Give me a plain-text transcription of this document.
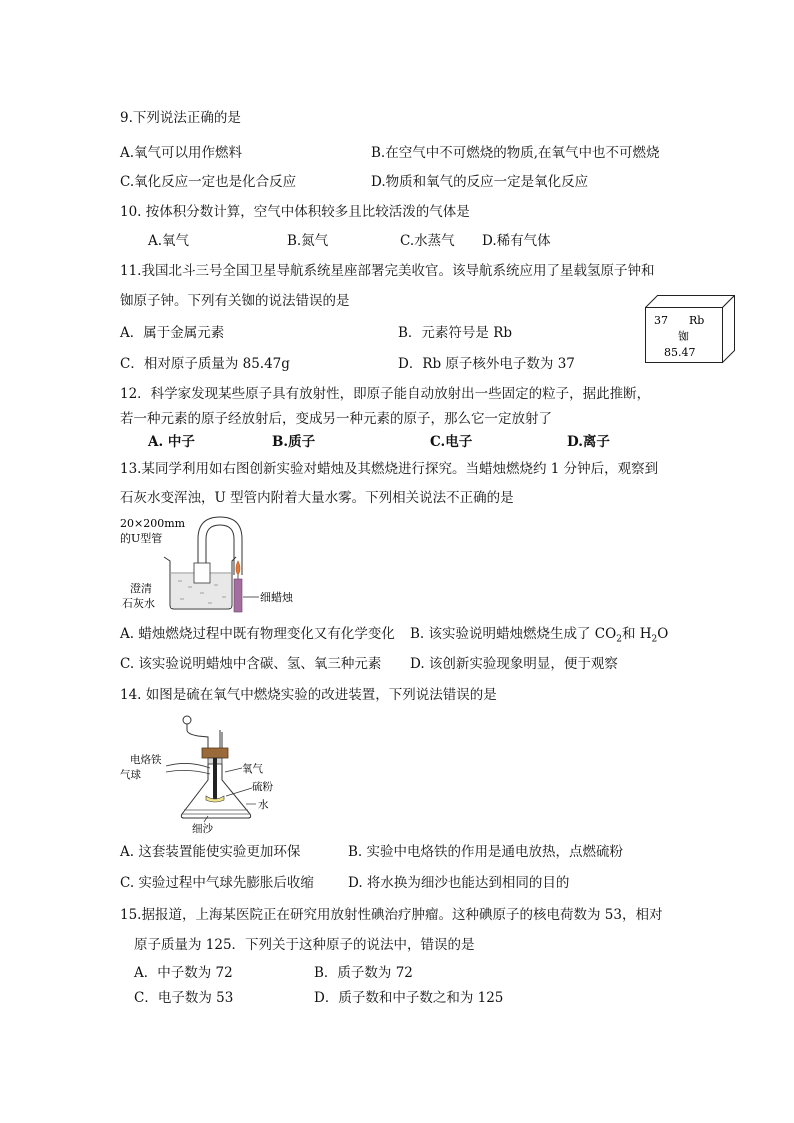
9.下列说法正确的是
A.氧气可以用作燃料	B.在空气中不可燃烧的物质,在氧气中也不可燃烧
C.氧化反应一定也是化合反应	D.物质和氧气的反应一定是氧化反应
10. 按体积分数计算，空气中体积较多且比较活泼的气体是
A.氧气	B.氮气	C.水蒸气 D.稀有气体
11.我国北斗三号全国卫星导航系统星座部署完美收官。该导航系统应用了星载氢原子钟和
铷原子钟。下列有关铷的说法错误的是
A．属于金属元素	B．元素符号是 Rb
C．相对原子质量为 85.47g	D．Rb 原子核外电子数为 37
37 Rb
铷
85.47
12．科学家发现某些原子具有放射性，即原子能自动放射出一些固定的粒子，据此推断，
若一种元素的原子经放射后，变成另一种元素的原子，那么它一定放射了
A. 中子	B.质子	C.电子	D.离子
13.某同学利用如右图创新实验对蜡烛及其燃烧进行探究。当蜡烛燃烧约 1 分钟后，观察到
石灰水变浑浊，U 型管内附着大量水雾。下列相关说法不正确的是
20×200mm
的U型管
澄清
石灰水	细蜡烛
A. 蜡烛燃烧过程中既有物理变化又有化学变化 B. 该实验说明蜡烛燃烧生成了 $CO_2$和 $H_2O$
C. 该实验说明蜡烛中含碳、氢、氧三种元素 D. 该创新实验现象明显，便于观察
14. 如图是硫在氧气中燃烧实验的改进装置，下列说法错误的是
电烙铁
气球	氧气
硫粉
水
细沙
A. 这套装置能使实验更加环保	B. 实验中电烙铁的作用是通电放热，点燃硫粉
C. 实验过程中气球先膨胀后收缩	D. 将水换为细沙也能达到相同的目的
15.据报道，上海某医院正在研究用放射性碘治疗肿瘤。这种碘原子的核电荷数为 53，相对
原子质量为 125．下列关于这种原子的说法中，错误的是
A．中子数为 72	B．质子数为 72
C．电子数为 53	D．质子数和中子数之和为 125
